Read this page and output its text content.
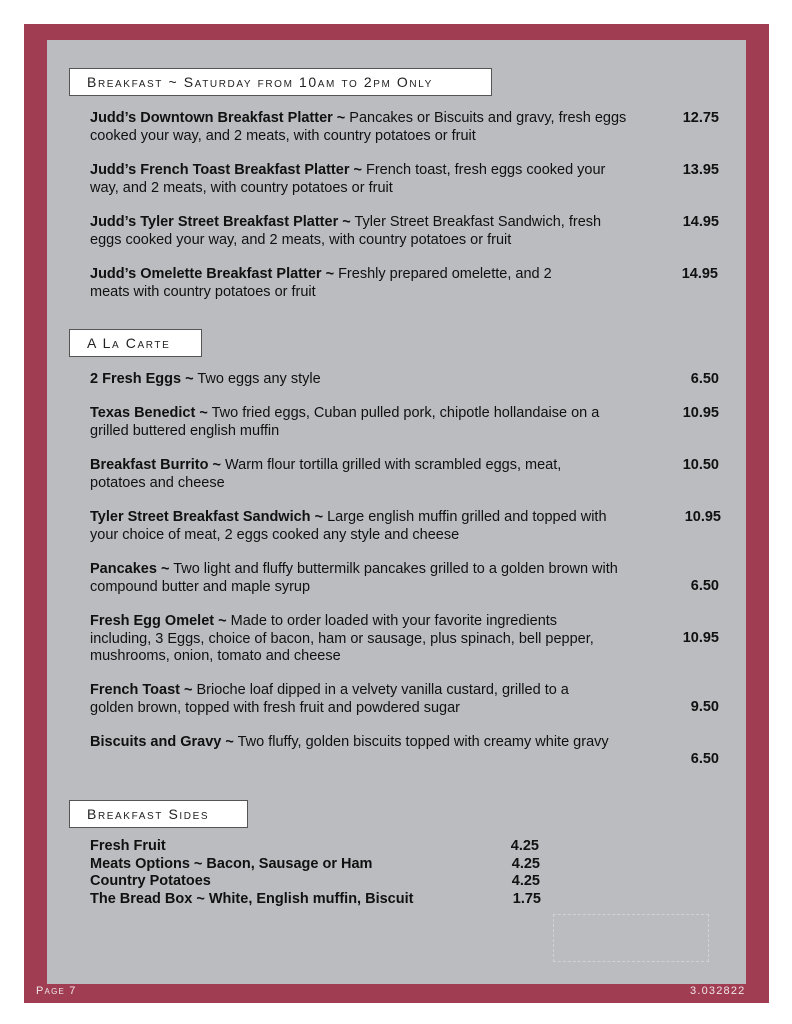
Breakfast ~ Saturday from 10am to 2pm Only
Judd’s Downtown Breakfast Platter ~ Pancakes or Biscuits and gravy, fresh eggs cooked your way, and 2 meats, with country potatoes or fruit
12.75
Judd’s French Toast Breakfast Platter ~ French toast, fresh eggs cooked your way, and 2 meats, with country potatoes or fruit
13.95
Judd’s Tyler Street Breakfast Platter ~ Tyler Street Breakfast Sandwich, fresh eggs cooked your way, and 2 meats, with country potatoes or fruit
14.95
Judd’s Omelette Breakfast Platter ~ Freshly prepared omelette, and 2 meats with country potatoes or fruit
14.95
A La Carte
2 Fresh Eggs ~ Two eggs any style	6.50
Texas Benedict ~ Two fried eggs, Cuban pulled pork, chipotle hollandaise on a grilled buttered english muffin
10.95
Breakfast Burrito ~ Warm flour tortilla grilled with scrambled eggs, meat, potatoes and cheese
10.50
Tyler Street Breakfast Sandwich ~ Large english muffin grilled and topped with your choice of meat, 2 eggs cooked any style and cheese
10.95
Pancakes ~ Two light and fluffy buttermilk pancakes grilled to a golden brown with compound butter and maple syrup	6.50
Fresh Egg Omelet ~ Made to order loaded with your favorite ingredients including, 3 Eggs, choice of bacon, ham or sausage, plus spinach, bell pepper, mushrooms, onion, tomato and cheese
10.95
French Toast ~ Brioche loaf dipped in a velvety vanilla custard, grilled to a golden brown, topped with fresh fruit and powdered sugar	9.50
Biscuits and Gravy ~ Two fluffy, golden biscuits topped with creamy white gravy
6.50
Breakfast Sides
Fresh Fruit	4.25
Meats Options ~ Bacon, Sausage or Ham	4.25
Country Potatoes	4.25
The Bread Box ~ White, English muffin, Biscuit	1.75
Page 7	3.032822
